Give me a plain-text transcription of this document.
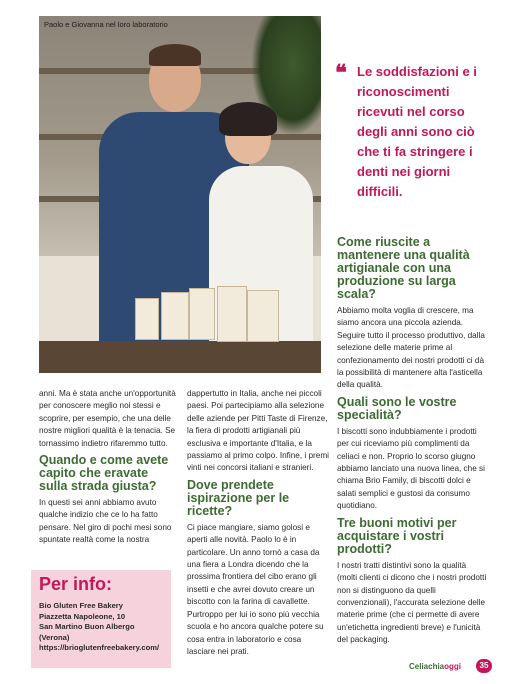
Paolo e Giovanna nel loro laboratorio
❝ Le soddisfazioni e i riconoscimenti ricevuti nel corso degli anni sono ciò che ti fa stringere i denti nei giorni difficili.

anni. Ma è stata anche un'opportunità per conoscere meglio noi stessi e scoprire, per esempio, che una delle nostre migliori qualità è la tenacia. Se tornassimo indietro rifaremmo tutto.

Quando e come avete capito che eravate sulla strada giusta?

In questi sei anni abbiamo avuto qualche indizio che ce lo ha fatto pensare. Nel giro di pochi mesi sono spuntate realtà come la nostra

Per info:
Bio Gluten Free Bakery
Piazzetta Napoleone, 10
San Martino Buon Albergo
(Verona)
https://brioglutenfreebakery.com/

dappertutto in Italia, anche nei piccoli paesi. Poi partecipiamo alla selezione delle aziende per Pitti Taste di Firenze, la fiera di prodotti artigianali più esclusiva e importante d'Italia, e la passiamo al primo colpo. Infine, i premi vinti nei concorsi italiani e stranieri.

Dove prendete ispirazione per le ricette?

Ci piace mangiare, siamo golosi e aperti alle novità. Paolo lo è in particolare. Un anno tornò a casa da una fiera a Londra dicendo che la prossima frontiera del cibo erano gli insetti e che avrei dovuto creare un biscotto con la farina di cavallette. Purtroppo per lui io sono più vecchia scuola e ho ancora qualche potere su cosa entra in laboratorio e cosa lasciare nei prati.

Come riuscite a mantenere una qualità artigianale con una produzione su larga scala?

Abbiamo molta voglia di crescere, ma siamo ancora una piccola azienda. Seguire tutto il processo produttivo, dalla selezione delle materie prime al confezionamento dei nostri prodotti ci dà la possibilità di mantenere alta l'asticella della qualità.

Quali sono le vostre specialità?

I biscotti sono indubbiamente i prodotti per cui riceviamo più complimenti da celiaci e non. Proprio lo scorso giugno abbiamo lanciato una nuova linea, che si chiama Brio Family, di biscotti dolci e salati semplici e gustosi da consumo quotidiano.

Tre buoni motivi per acquistare i vostri prodotti?

I nostri tratti distintivi sono la qualità (molti clienti ci dicono che i nostri prodotti non si distinguono da quelli convenzionali), l'accurata selezione delle materie prime (che ci permette di avere un'etichetta ingredienti breve) e l'unicità del packaging.

Celiachiaoggi	35
